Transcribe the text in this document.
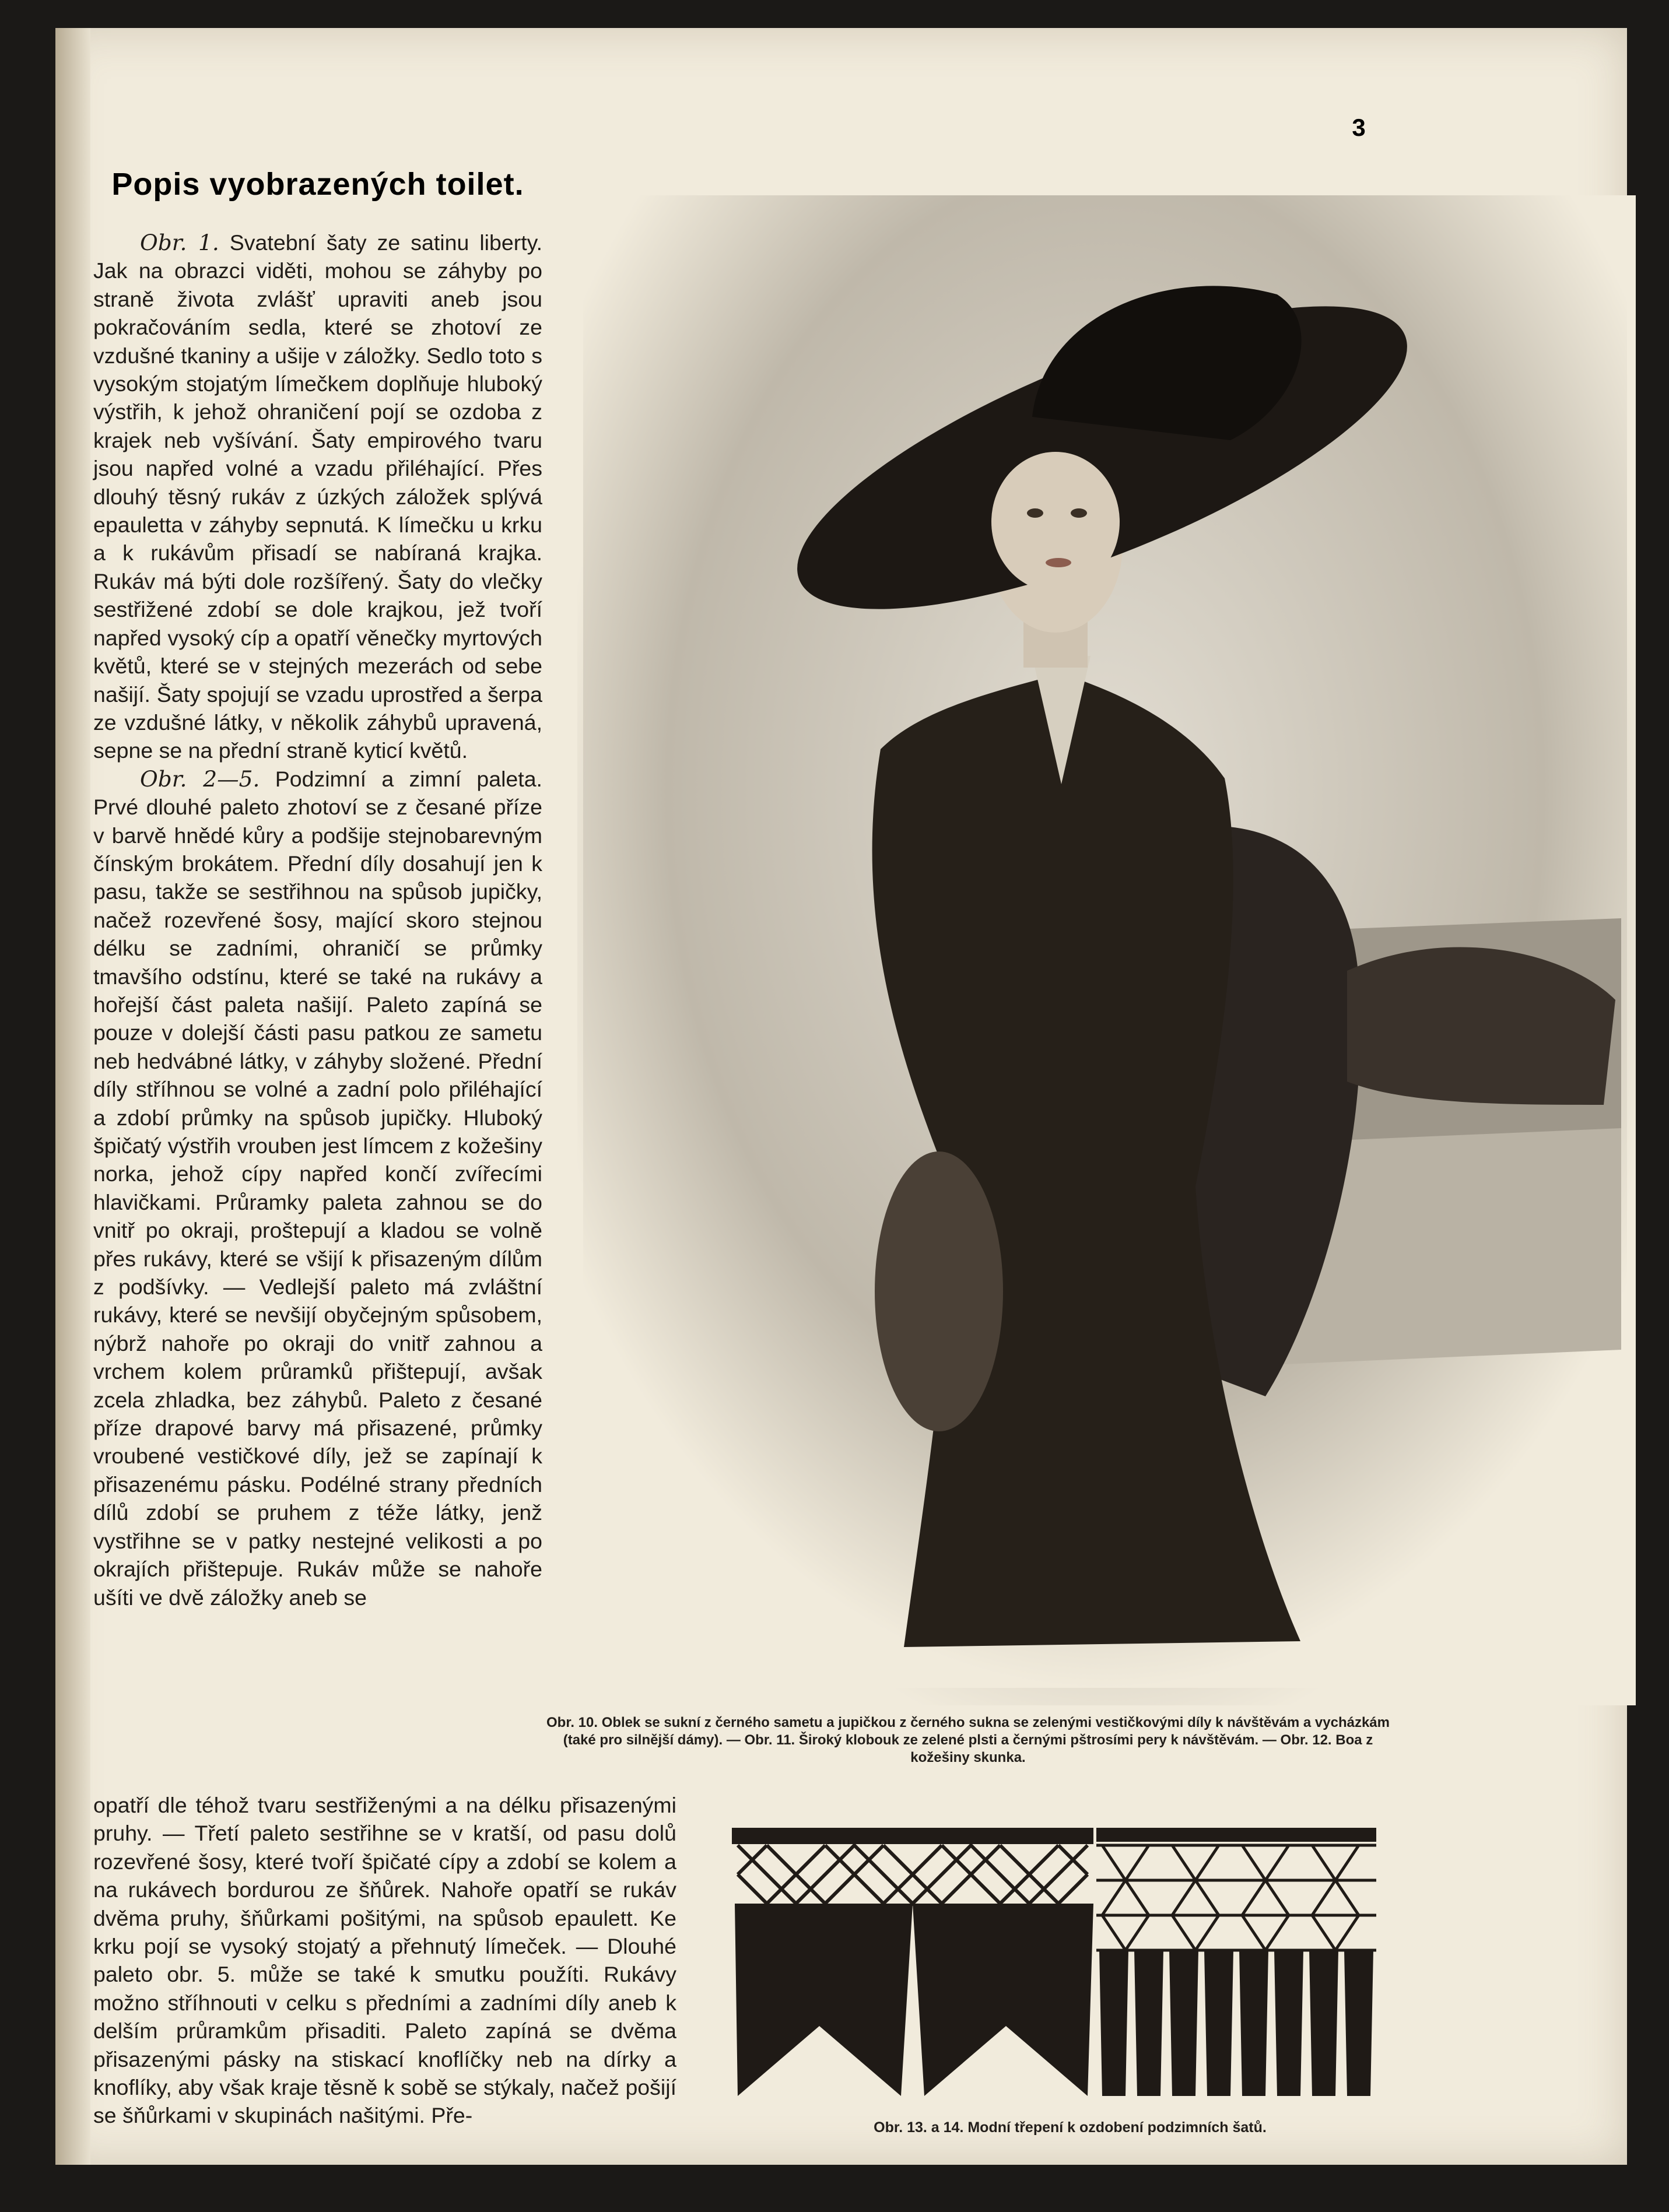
3
Popis vyobrazených toilet.

Obr. 1. Svatební šaty ze satinu liberty. Jak na obrazci viděti, mohou se záhyby po straně života zvlášť upraviti aneb jsou pokračováním sedla, které se zhotoví ze vzdušné tkaniny a ušije v záložky. Sedlo toto s vysokým stojatým límečkem doplňuje hluboký výstřih, k jehož ohraničení pojí se ozdoba z krajek neb vyšívání. Šaty empirového tvaru jsou napřed volné a vzadu přiléhající. Přes dlouhý těsný rukáv z úzkých záložek splývá epauletta v záhyby sepnutá. K límečku u krku a k rukávům přisadí se nabíraná krajka. Rukáv má býti dole rozšířený. Šaty do vlečky sestřižené zdobí se dole krajkou, jež tvoří napřed vysoký cíp a opatří věnečky myrtových květů, které se v stejných mezerách od sebe našijí. Šaty spojují se vzadu uprostřed a šerpa ze vzdušné látky, v několik záhybů upravená, sepne se na přední straně kyticí květů.

Obr. 2—5. Podzimní a zimní paleta. Prvé dlouhé paleto zhotoví se z česané příze v barvě hnědé kůry a podšije stejnobarevným čínským brokátem. Přední díly dosahují jen k pasu, takže se sestřihnou na spůsob jupičky, načež rozevřené šosy, mající skoro stejnou délku se zadními, ohraničí se průmky tmavšího odstínu, které se také na rukávy a hořejší část paleta našijí. Paleto zapíná se pouze v dolejší části pasu patkou ze sametu neb hedvábné látky, v záhyby složené. Přední díly stříhnou se volné a zadní polo přiléhající a zdobí průmky na spůsob jupičky. Hluboký špičatý výstřih vrouben jest límcem z kožešiny norka, jehož cípy napřed končí zvířecími hlavičkami. Průramky paleta zahnou se do vnitř po okraji, proštepují a kladou se volně přes rukávy, které se všijí k přisazeným dílům z podšívky. — Vedlejší paleto má zvláštní rukávy, které se nevšijí obyčejným spůsobem, nýbrž nahoře po okraji do vnitř zahnou a vrchem kolem průramků přištepují, avšak zcela zhladka, bez záhybů. Paleto z česané příze drapové barvy má přisazené, průmky vroubené vestičkové díly, jež se zapínají k přisazenému pásku. Podélné strany předních dílů zdobí se pruhem z téže látky, jenž vystřihne se v patky nestejné velikosti a po okrajích přištepuje. Rukáv může se nahoře ušíti ve dvě záložky aneb se

opatří dle téhož tvaru sestřiženými a na délku přisazenými pruhy. — Třetí paleto sestřihne se v kratší, od pasu dolů rozevřené šosy, které tvoří špičaté cípy a zdobí se kolem a na rukávech bordurou ze šňůrek. Nahoře opatří se rukáv dvěma pruhy, šňůrkami pošitými, na spůsob epaulett. Ke krku pojí se vysoký stojatý a přehnutý límeček. — Dlouhé paleto obr. 5. může se také k smutku použíti. Rukávy možno stříhnouti v celku s předními a zadními díly aneb k delším průramkům přisaditi. Paleto zapíná se dvěma přisazenými pásky na stiskací knoflíčky neb na dírky a knoflíky, aby však kraje těsně k sobě se stýkaly, načež pošijí se šňůrkami v skupinách našitými. Pře-

Obr. 10. Oblek se sukní z černého sametu a jupičkou z černého sukna se zelenými vestičkovými díly k návštěvám a vycházkám (také pro silnější dámy). — Obr. 11. Široký klobouk ze zelené plsti a černými pštrosími pery k návštěvám. — Obr. 12. Boa z kožešiny skunka.
Obr. 13. a 14. Modní třepení k ozdobení podzimních šatů.
